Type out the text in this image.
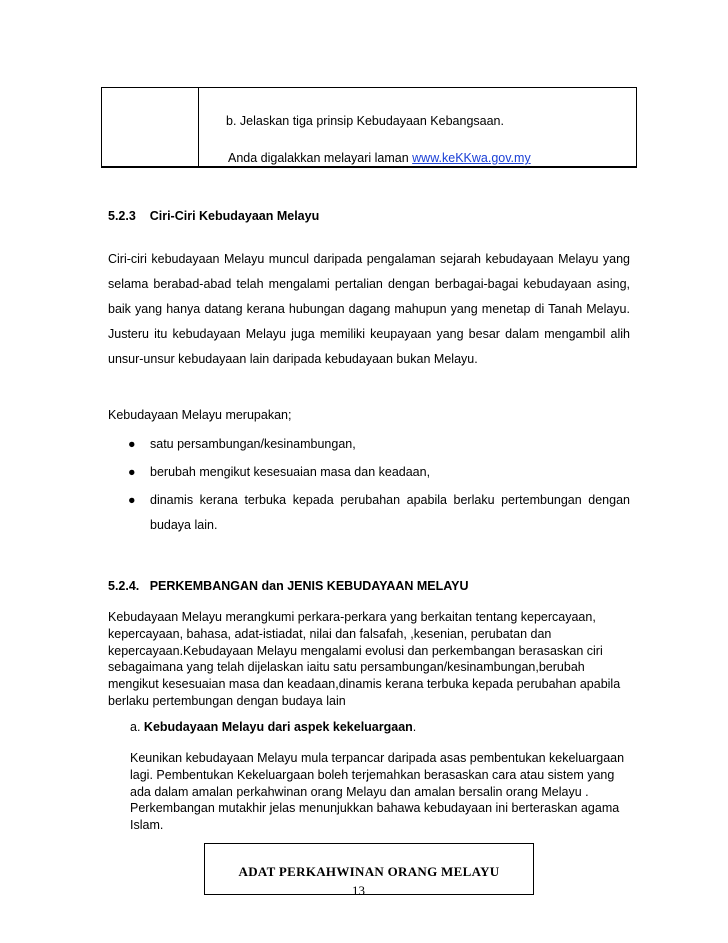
b. Jelaskan tiga prinsip Kebudayaan Kebangsaan.
Anda digalakkan melayari laman www.keKKwa.gov.my
5.2.3 Ciri-Ciri Kebudayaan Melayu
Ciri-ciri kebudayaan Melayu muncul daripada pengalaman sejarah kebudayaan Melayu yang selama berabad-abad telah mengalami pertalian dengan berbagai-bagai kebudayaan asing, baik yang hanya datang kerana hubungan dagang mahupun yang menetap di Tanah Melayu. Justeru itu kebudayaan Melayu juga memiliki keupayaan yang besar dalam mengambil alih unsur-unsur kebudayaan lain daripada kebudayaan bukan Melayu.
Kebudayaan Melayu merupakan;
● satu persambungan/kesinambungan,
● berubah mengikut kesesuaian masa dan keadaan,
● dinamis kerana terbuka kepada perubahan apabila berlaku pertembungan dengan budaya lain.
5.2.4. PERKEMBANGAN dan JENIS KEBUDAYAAN MELAYU
Kebudayaan Melayu merangkumi perkara-perkara yang berkaitan tentang kepercayaan, kepercayaan, bahasa, adat-istiadat, nilai dan falsafah, ,kesenian, perubatan dan kepercayaan.Kebudayaan Melayu mengalami evolusi dan perkembangan berasaskan ciri sebagaimana yang telah dijelaskan iaitu satu persambungan/kesinambungan,berubah mengikut kesesuaian masa dan keadaan,dinamis kerana terbuka kepada perubahan apabila berlaku pertembungan dengan budaya lain
a. Kebudayaan Melayu dari aspek kekeluargaan.
Keunikan kebudayaan Melayu mula terpancar daripada asas pembentukan kekeluargaan lagi. Pembentukan Kekeluargaan boleh terjemahkan berasaskan cara atau sistem yang ada dalam amalan perkahwinan orang Melayu dan amalan bersalin orang Melayu . Perkembangan mutakhir jelas menunjukkan bahawa kebudayaan ini berteraskan agama Islam.
ADAT PERKAHWINAN ORANG MELAYU
13
